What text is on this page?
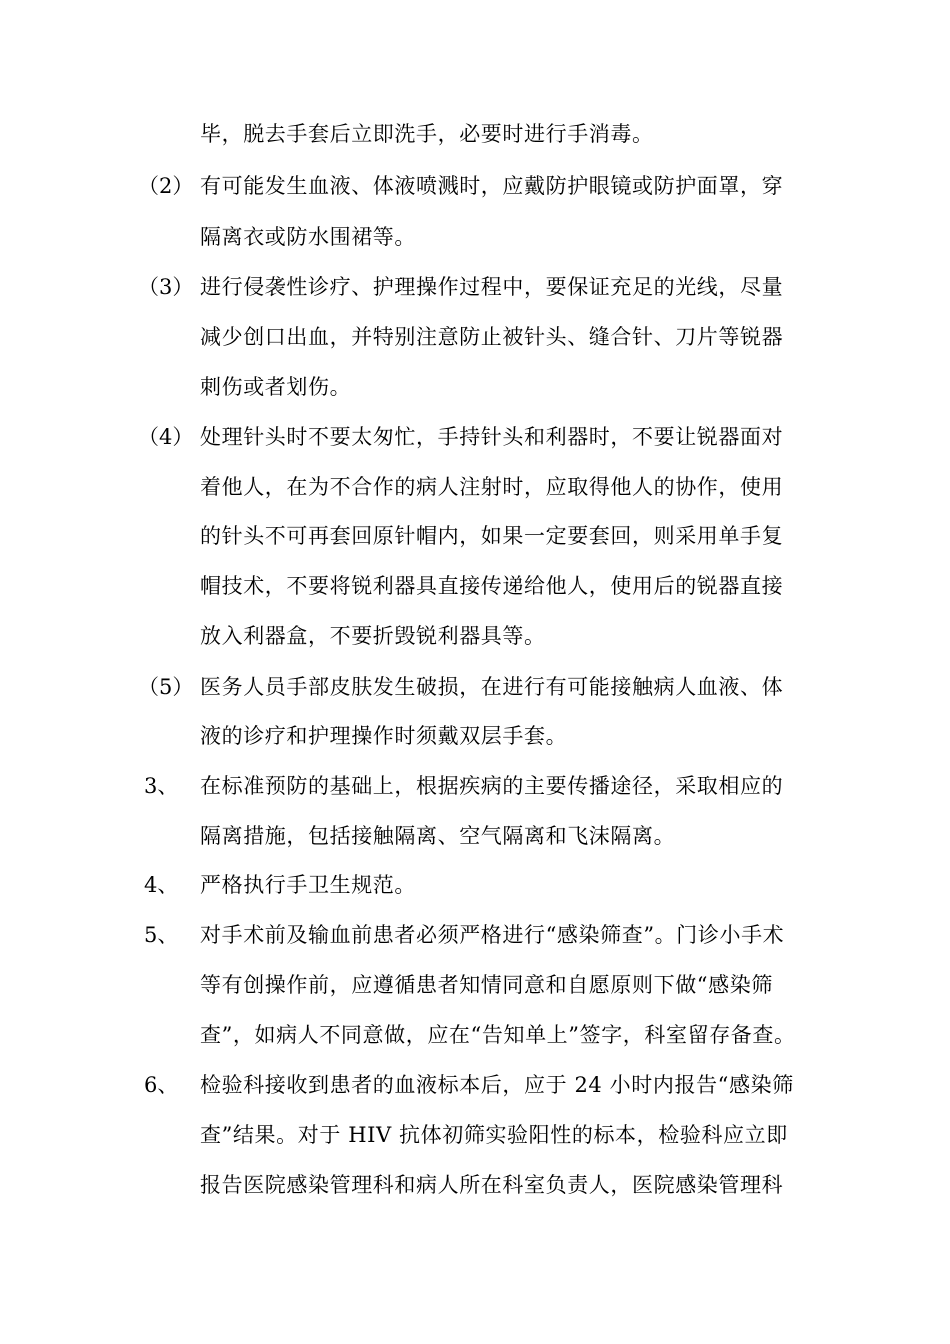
毕，脱去手套后立即洗手，必要时进行手消毒。
（2） 有可能发生血液、体液喷溅时，应戴防护眼镜或防护面罩，穿
隔离衣或防水围裙等。
（3） 进行侵袭性诊疗、护理操作过程中，要保证充足的光线，尽量
减少创口出血，并特别注意防止被针头、缝合针、刀片等锐器
刺伤或者划伤。
（4） 处理针头时不要太匆忙，手持针头和利器时，不要让锐器面对
着他人，在为不合作的病人注射时，应取得他人的协作，使用
的针头不可再套回原针帽内，如果一定要套回，则采用单手复
帽技术，不要将锐利器具直接传递给他人，使用后的锐器直接
放入利器盒，不要折毁锐利器具等。
（5） 医务人员手部皮肤发生破损，在进行有可能接触病人血液、体
液的诊疗和护理操作时须戴双层手套。
3、 在标准预防的基础上，根据疾病的主要传播途径，采取相应的
隔离措施，包括接触隔离、空气隔离和飞沫隔离。
4、 严格执行手卫生规范。
5、 对手术前及输血前患者必须严格进行“感染筛查”。门诊小手术
等有创操作前，应遵循患者知情同意和自愿原则下做“感染筛
查”，如病人不同意做，应在“告知单上”签字，科室留存备查。
6、 检验科接收到患者的血液标本后，应于 24 小时内报告“感染筛
查”结果。对于 HIV 抗体初筛实验阳性的标本，检验科应立即
报告医院感染管理科和病人所在科室负责人，医院感染管理科
